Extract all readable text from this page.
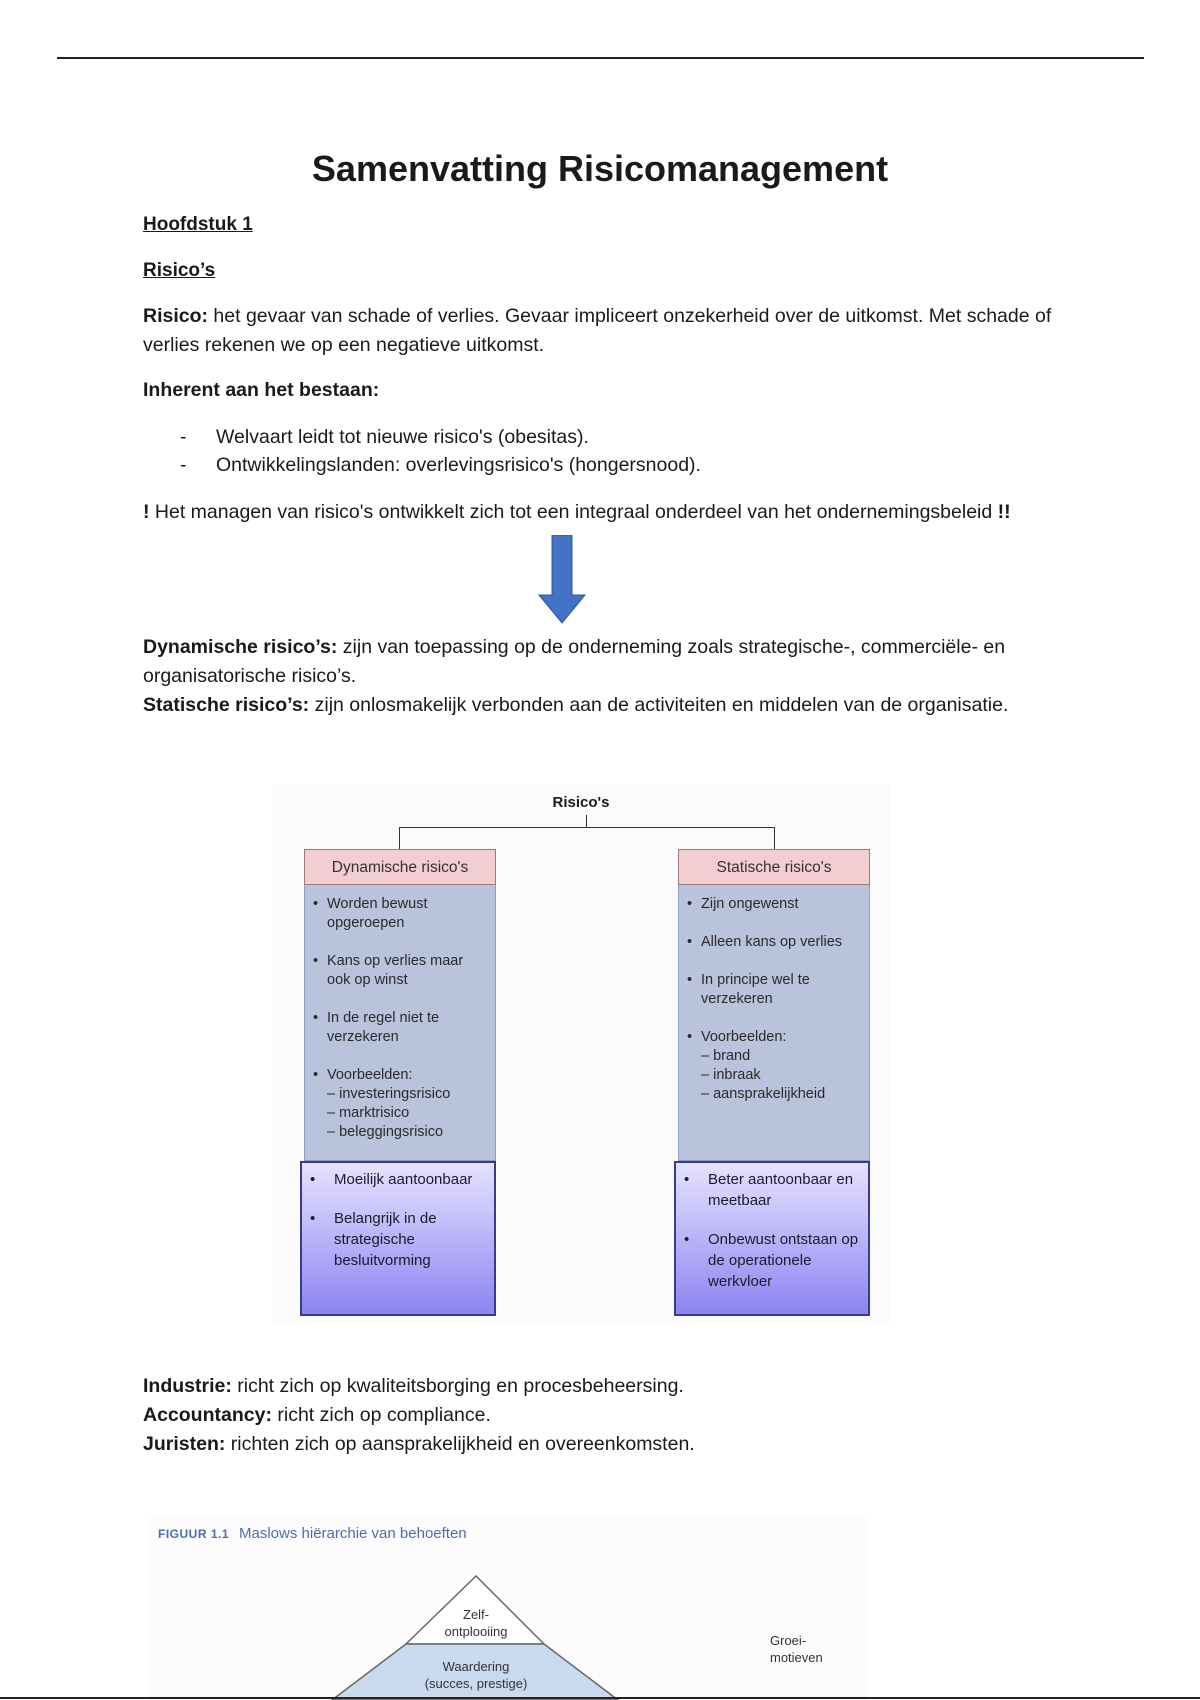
Samenvatting Risicomanagement
Hoofdstuk 1
Risico’s
Risico: het gevaar van schade of verlies. Gevaar impliceert onzekerheid over de uitkomst. Met schade of verlies rekenen we op een negatieve uitkomst.
Inherent aan het bestaan:
-	Welvaart leidt tot nieuwe risico's (obesitas).
-	Ontwikkelingslanden: overlevingsrisico's (hongersnood).
! Het managen van risico's ontwikkelt zich tot een integraal onderdeel van het ondernemingsbeleid !!
Dynamische risico’s: zijn van toepassing op de onderneming zoals strategische-, commerciële- en organisatorische risico’s.
Statische risico’s: zijn onlosmakelijk verbonden aan de activiteiten en middelen van de organisatie.
Risico's
Dynamische risico's
• Worden bewust opgeroepen
• Kans op verlies maar ook op winst
• In de regel niet te verzekeren
• Voorbeelden:
– investeringsrisico
– marktrisico
– beleggingsrisico
•	Moeilijk aantoonbaar
•	Belangrijk in de strategische besluitvorming
Statische risico's
• Zijn ongewenst
• Alleen kans op verlies
• In principe wel te verzekeren
• Voorbeelden:
– brand
– inbraak
– aansprakelijkheid
•	Beter aantoonbaar en meetbaar
•	Onbewust ontstaan op de operationele werkvloer
Industrie: richt zich op kwaliteitsborging en procesbeheersing.
Accountancy: richt zich op compliance.
Juristen: richten zich op aansprakelijkheid en overeenkomsten.
FIGUUR 1.1 Maslows hiërarchie van behoeften
Zelf-
ontplooiing
Waardering
(succes, prestige)
Groei-
motieven
